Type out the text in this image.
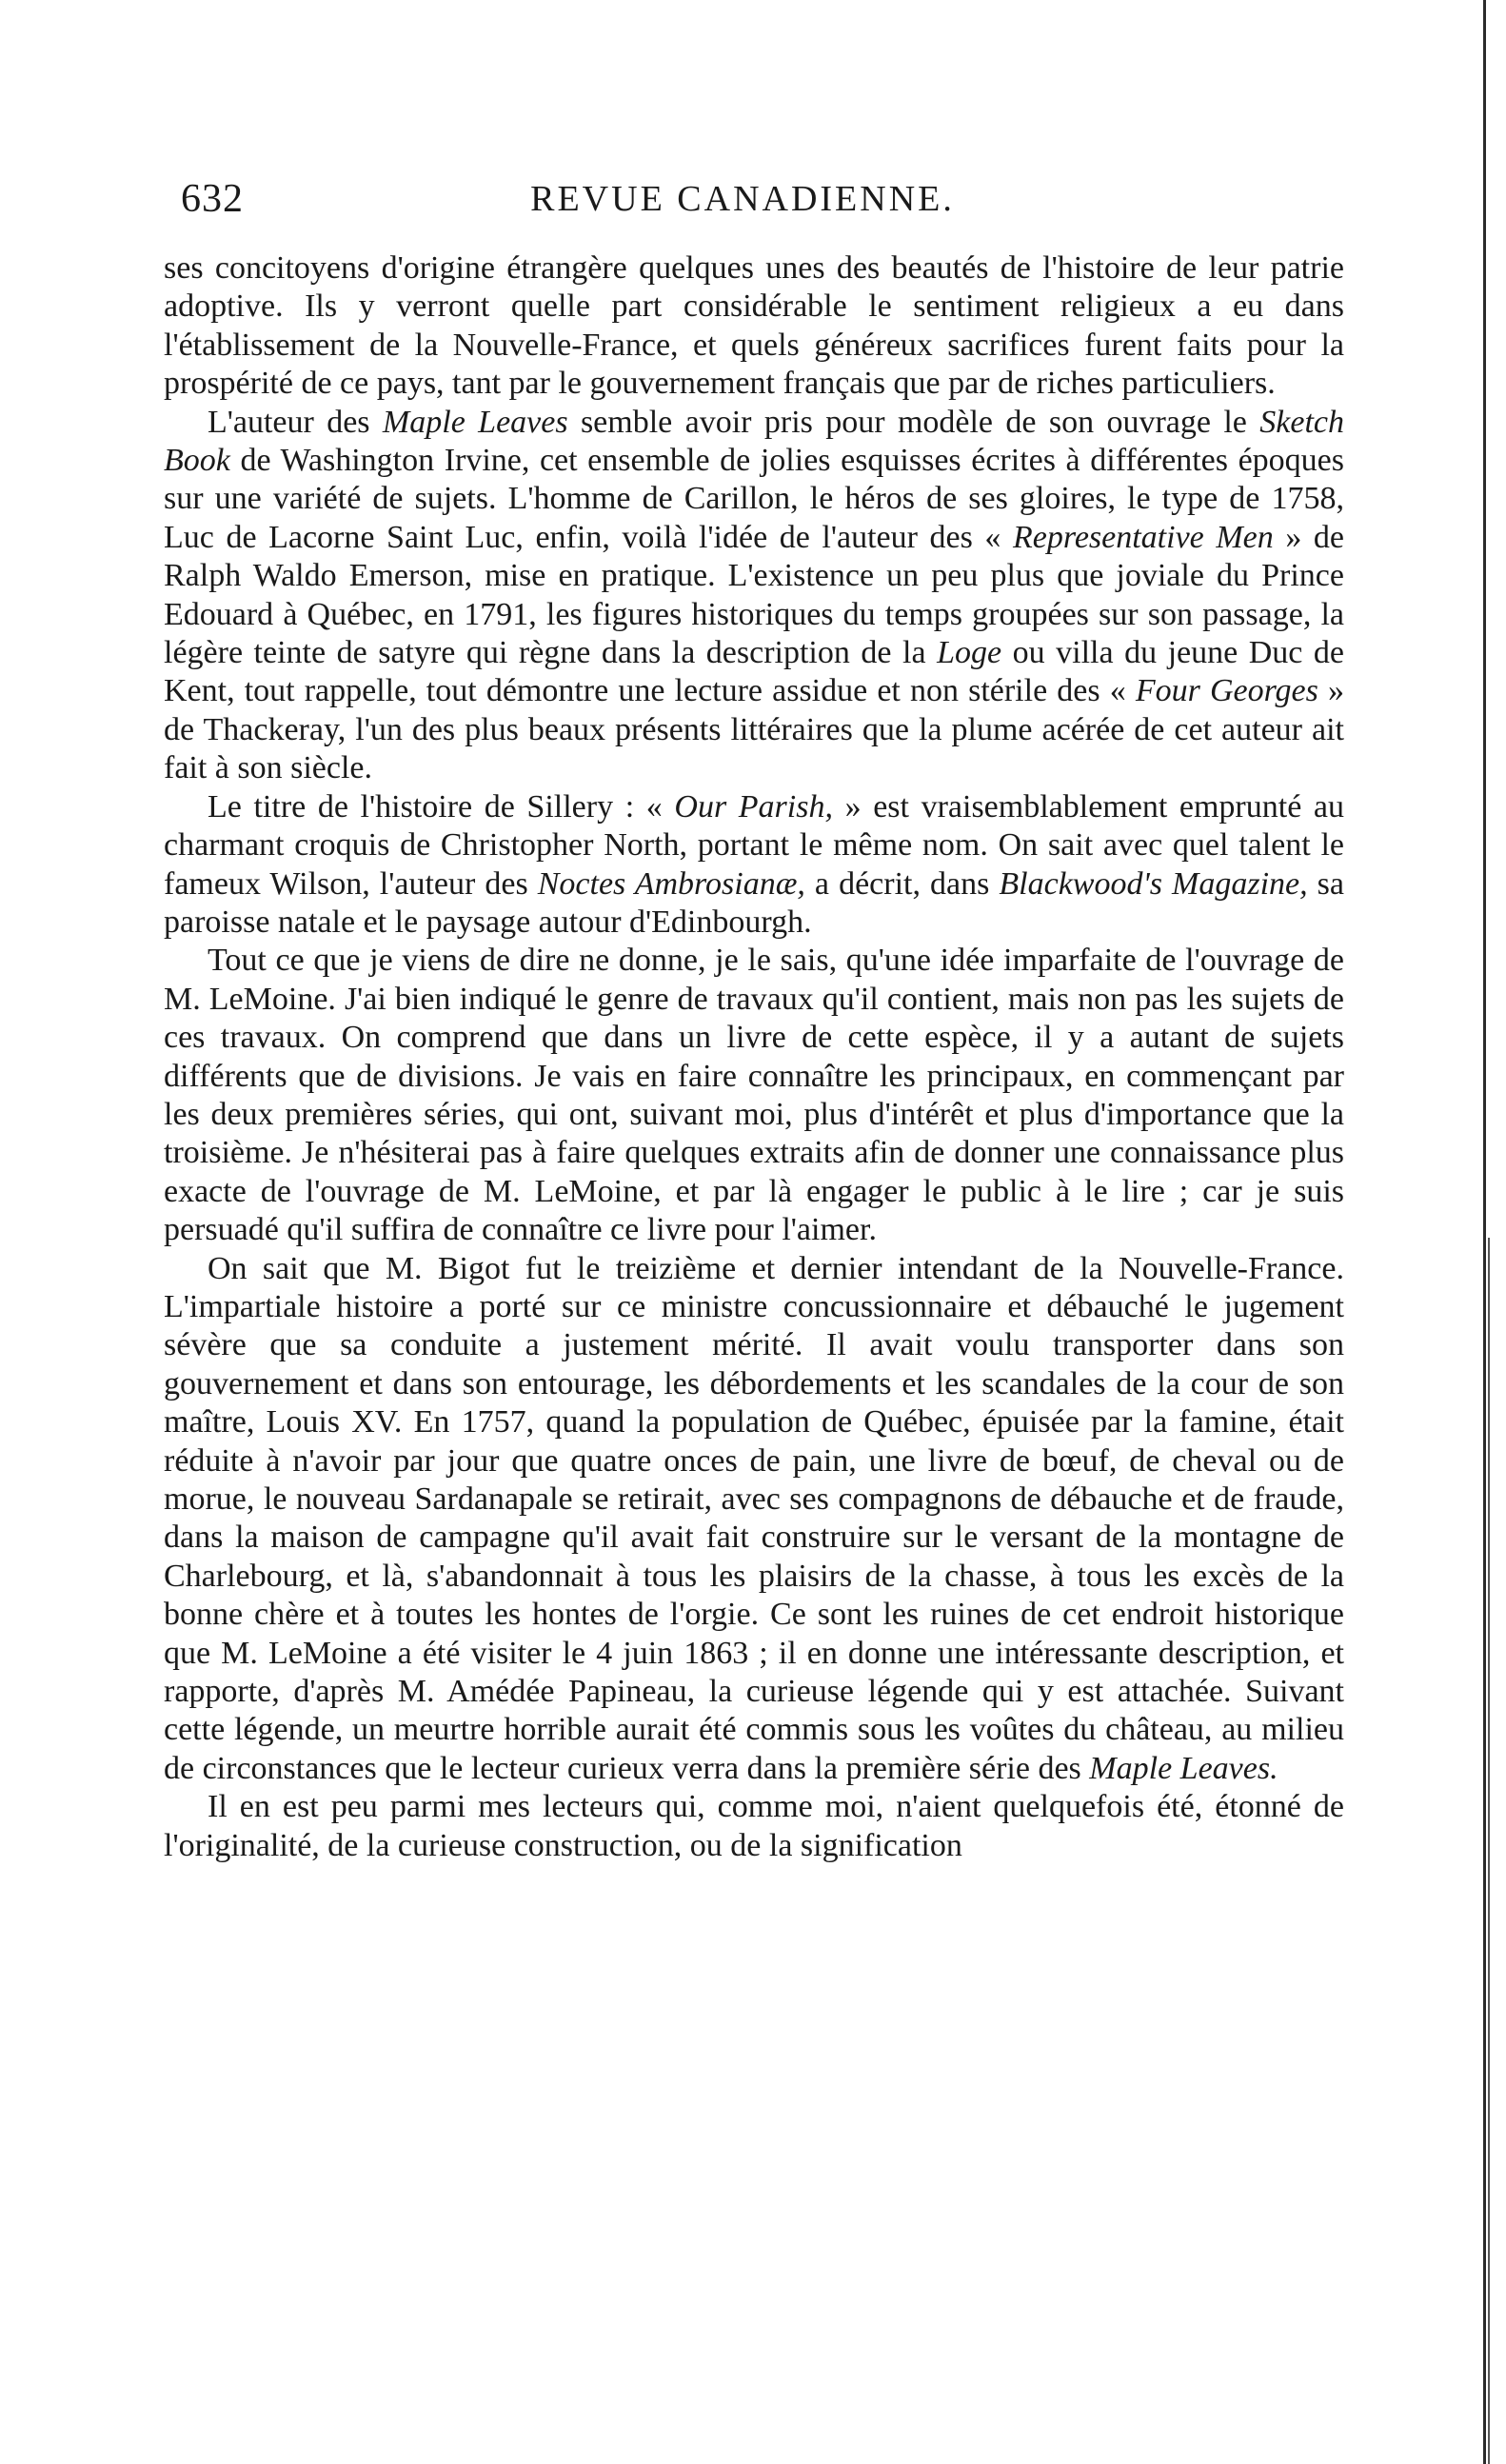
632	REVUE CANADIENNE.

ses concitoyens d'origine étrangère quelques unes des beautés de l'histoire de leur patrie adoptive. Ils y verront quelle part considérable le sentiment religieux a eu dans l'établissement de la Nouvelle-France, et quels généreux sacrifices furent faits pour la prospérité de ce pays, tant par le gouvernement français que par de riches particuliers.

L'auteur des Maple Leaves semble avoir pris pour modèle de son ouvrage le Sketch Book de Washington Irvine, cet ensemble de jolies esquisses écrites à différentes époques sur une variété de sujets. L'homme de Carillon, le héros de ses gloires, le type de 1758, Luc de Lacorne Saint Luc, enfin, voilà l'idée de l'auteur des « Representative Men » de Ralph Waldo Emerson, mise en pratique. L'existence un peu plus que joviale du Prince Edouard à Québec, en 1791, les figures historiques du temps groupées sur son passage, la légère teinte de satyre qui règne dans la description de la Loge ou villa du jeune Duc de Kent, tout rappelle, tout démontre une lecture assidue et non stérile des « Four Georges » de Thackeray, l'un des plus beaux présents littéraires que la plume acérée de cet auteur ait fait à son siècle.

Le titre de l'histoire de Sillery : « Our Parish, » est vraisemblablement emprunté au charmant croquis de Christopher North, portant le même nom. On sait avec quel talent le fameux Wilson, l'auteur des Noctes Ambrosianæ, a décrit, dans Blackwood's Magazine, sa paroisse natale et le paysage autour d'Edinbourgh.

Tout ce que je viens de dire ne donne, je le sais, qu'une idée imparfaite de l'ouvrage de M. LeMoine. J'ai bien indiqué le genre de travaux qu'il contient, mais non pas les sujets de ces travaux. On comprend que dans un livre de cette espèce, il y a autant de sujets différents que de divisions. Je vais en faire connaître les principaux, en commençant par les deux premières séries, qui ont, suivant moi, plus d'intérêt et plus d'importance que la troisième. Je n'hésiterai pas à faire quelques extraits afin de donner une connaissance plus exacte de l'ouvrage de M. LeMoine, et par là engager le public à le lire ; car je suis persuadé qu'il suffira de connaître ce livre pour l'aimer.

On sait que M. Bigot fut le treizième et dernier intendant de la Nouvelle-France. L'impartiale histoire a porté sur ce ministre concussionnaire et débauché le jugement sévère que sa conduite a justement mérité. Il avait voulu transporter dans son gouvernement et dans son entourage, les débordements et les scandales de la cour de son maître, Louis XV. En 1757, quand la population de Québec, épuisée par la famine, était réduite à n'avoir par jour que quatre onces de pain, une livre de bœuf, de cheval ou de morue, le nouveau Sardanapale se retirait, avec ses compagnons de débauche et de fraude, dans la maison de campagne qu'il avait fait construire sur le versant de la montagne de Charlebourg, et là, s'abandonnait à tous les plaisirs de la chasse, à tous les excès de la bonne chère et à toutes les hontes de l'orgie. Ce sont les ruines de cet endroit historique que M. LeMoine a été visiter le 4 juin 1863 ; il en donne une intéressante description, et rapporte, d'après M. Amédée Papineau, la curieuse légende qui y est attachée. Suivant cette légende, un meurtre horrible aurait été commis sous les voûtes du château, au milieu de circonstances que le lecteur curieux verra dans la première série des Maple Leaves.

Il en est peu parmi mes lecteurs qui, comme moi, n'aient quelquefois été, étonné de l'originalité, de la curieuse construction, ou de la signification
